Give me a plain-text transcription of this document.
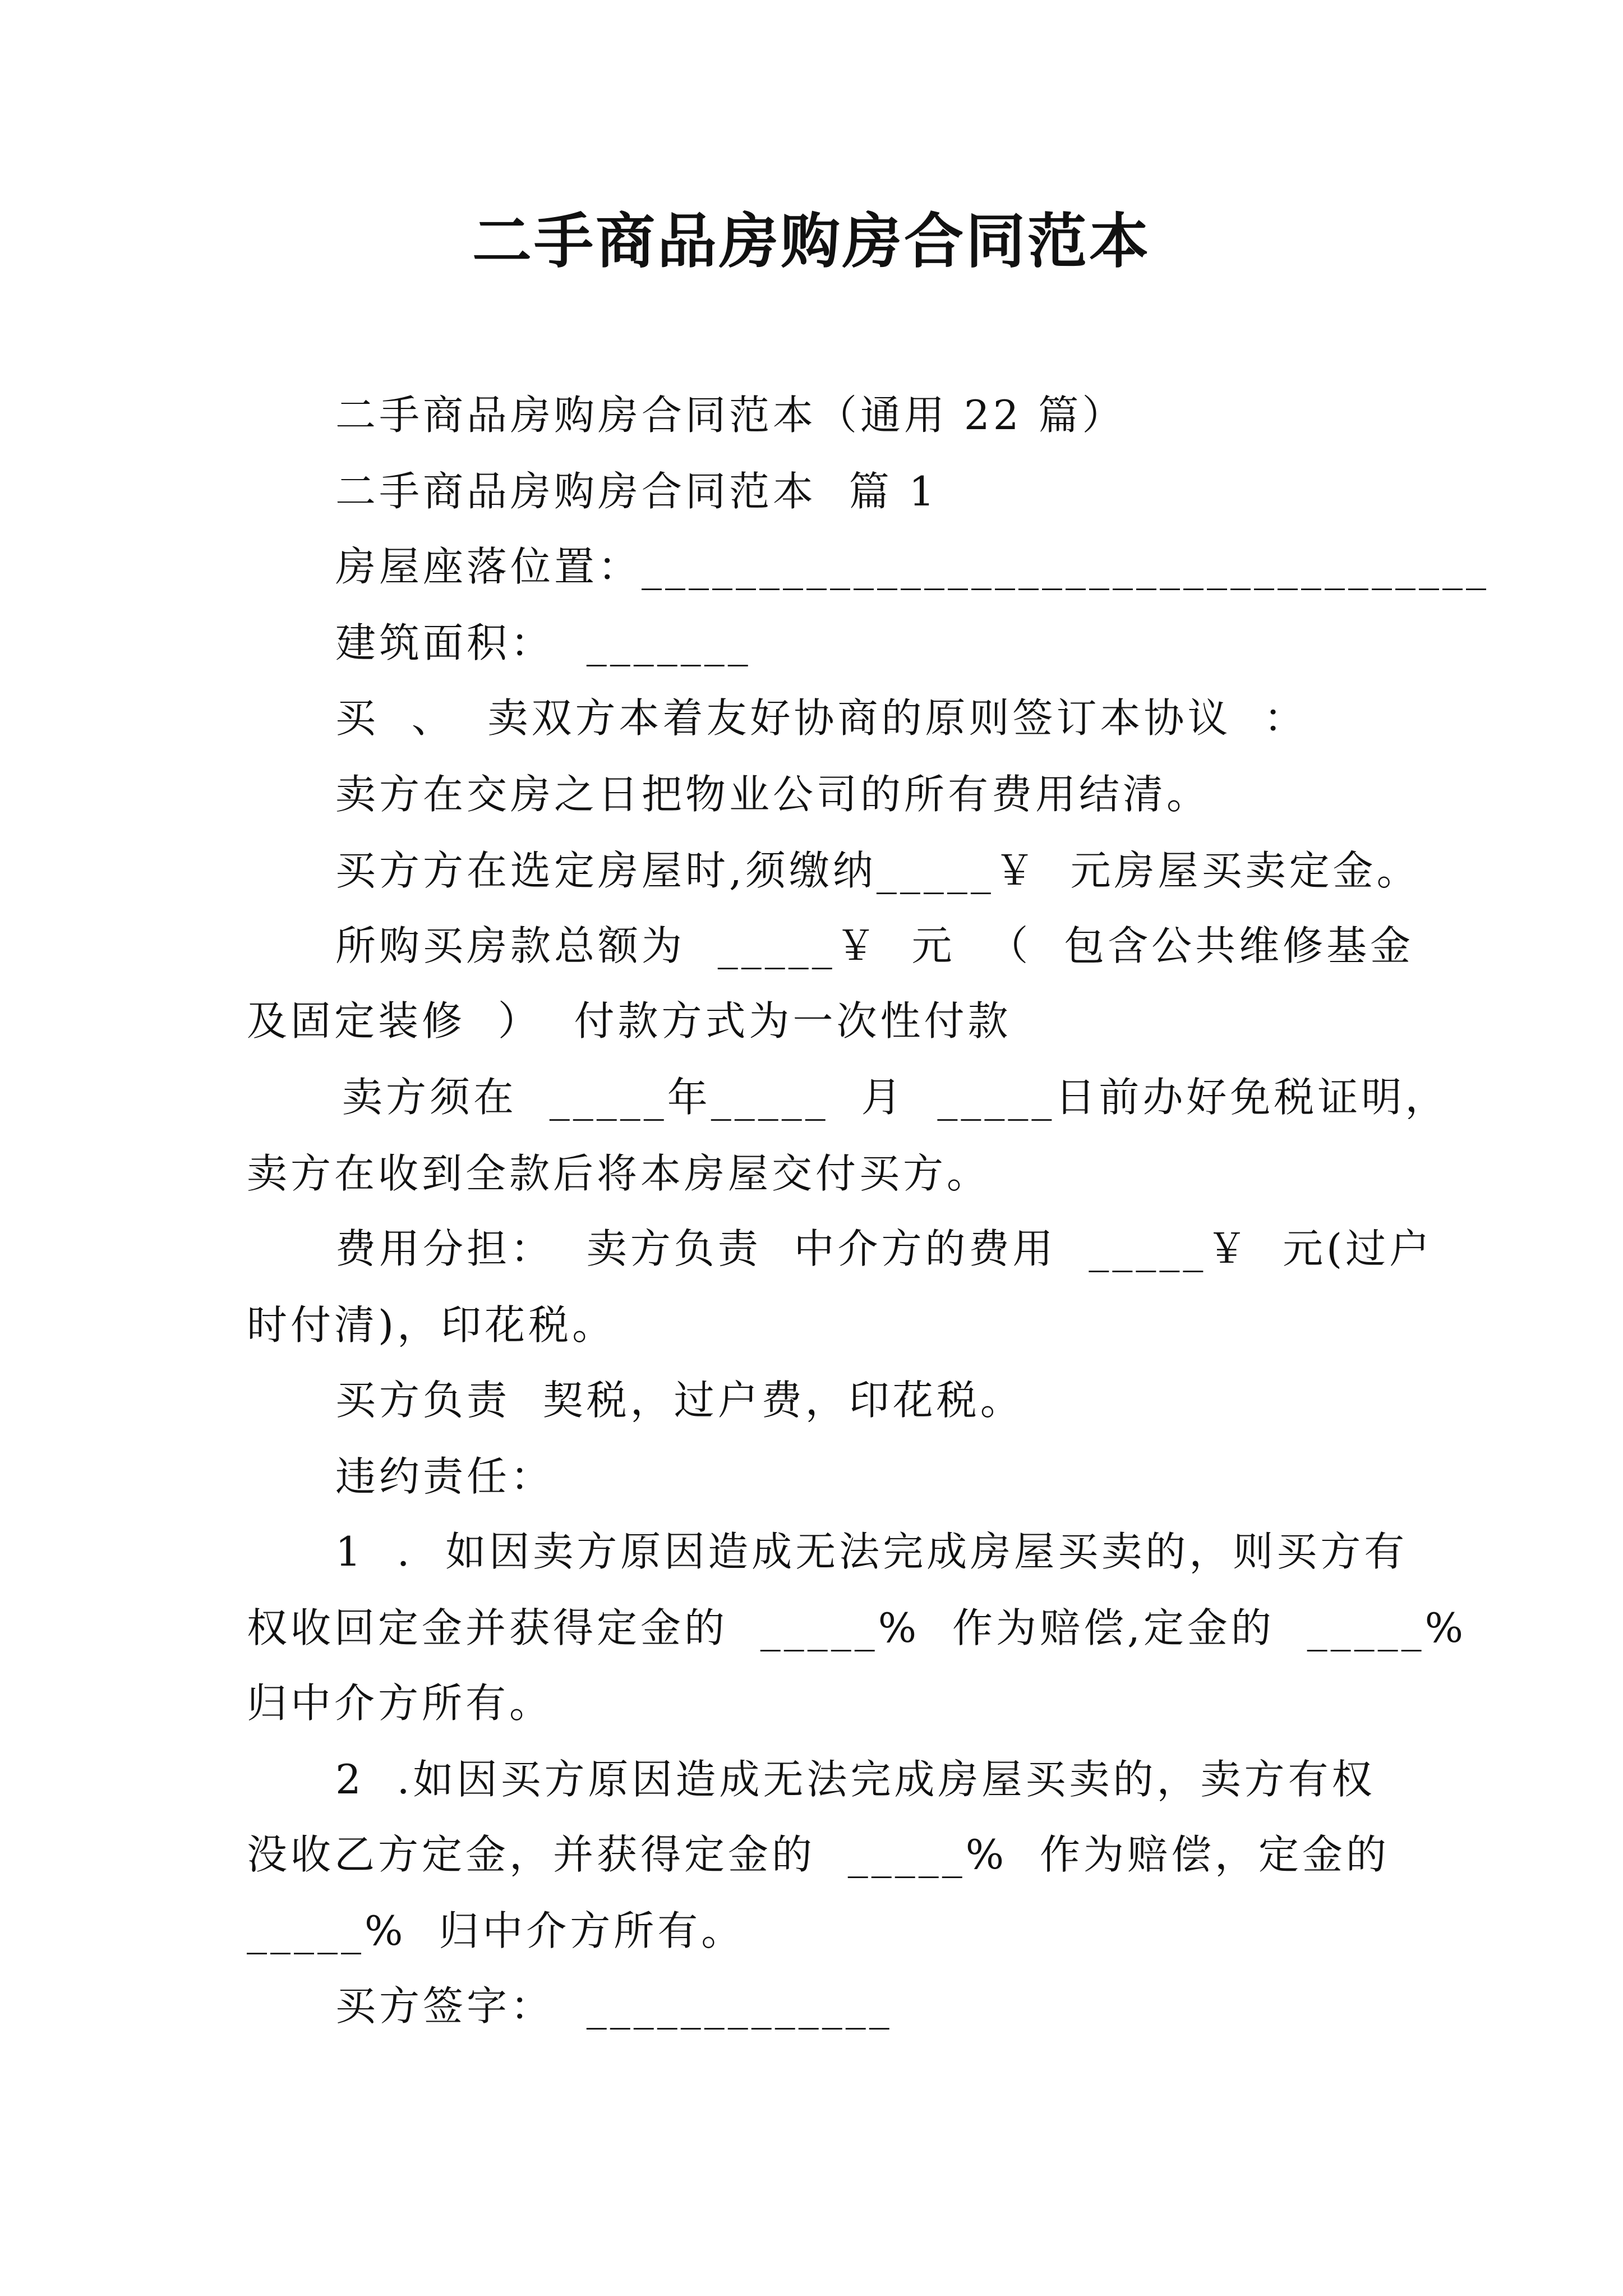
二手商品房购房合同范本
二手商品房购房合同范本（通用 22 篇）
二手商品房购房合同范本  篇 1
房屋座落位置：____________________________________
建筑面积：  _______
买  、  卖双方本着友好协商的原则签订本协议  ：
卖方在交房之日把物业公司的所有费用结清。
买方方在选定房屋时,须缴纳_____￥  元房屋买卖定金。
所购买房款总额为  _____￥  元  （  包含公共维修基金
及固定装修  ）  付款方式为一次性付款
卖方须在  _____年_____  月  _____日前办好免税证明，
卖方在收到全款后将本房屋交付买方。
费用分担：  卖方负责  中介方的费用  _____￥  元(过户
时付清)，印花税。
买方负责  契税，过户费，印花税。
违约责任：
1  .  如因卖方原因造成无法完成房屋买卖的，则买方有
权收回定金并获得定金的  _____%  作为赔偿,定金的  _____%
归中介方所有。
2  .如因买方原因造成无法完成房屋买卖的，卖方有权
没收乙方定金，并获得定金的  _____%  作为赔偿，定金的
_____%  归中介方所有。
买方签字：  _____________
